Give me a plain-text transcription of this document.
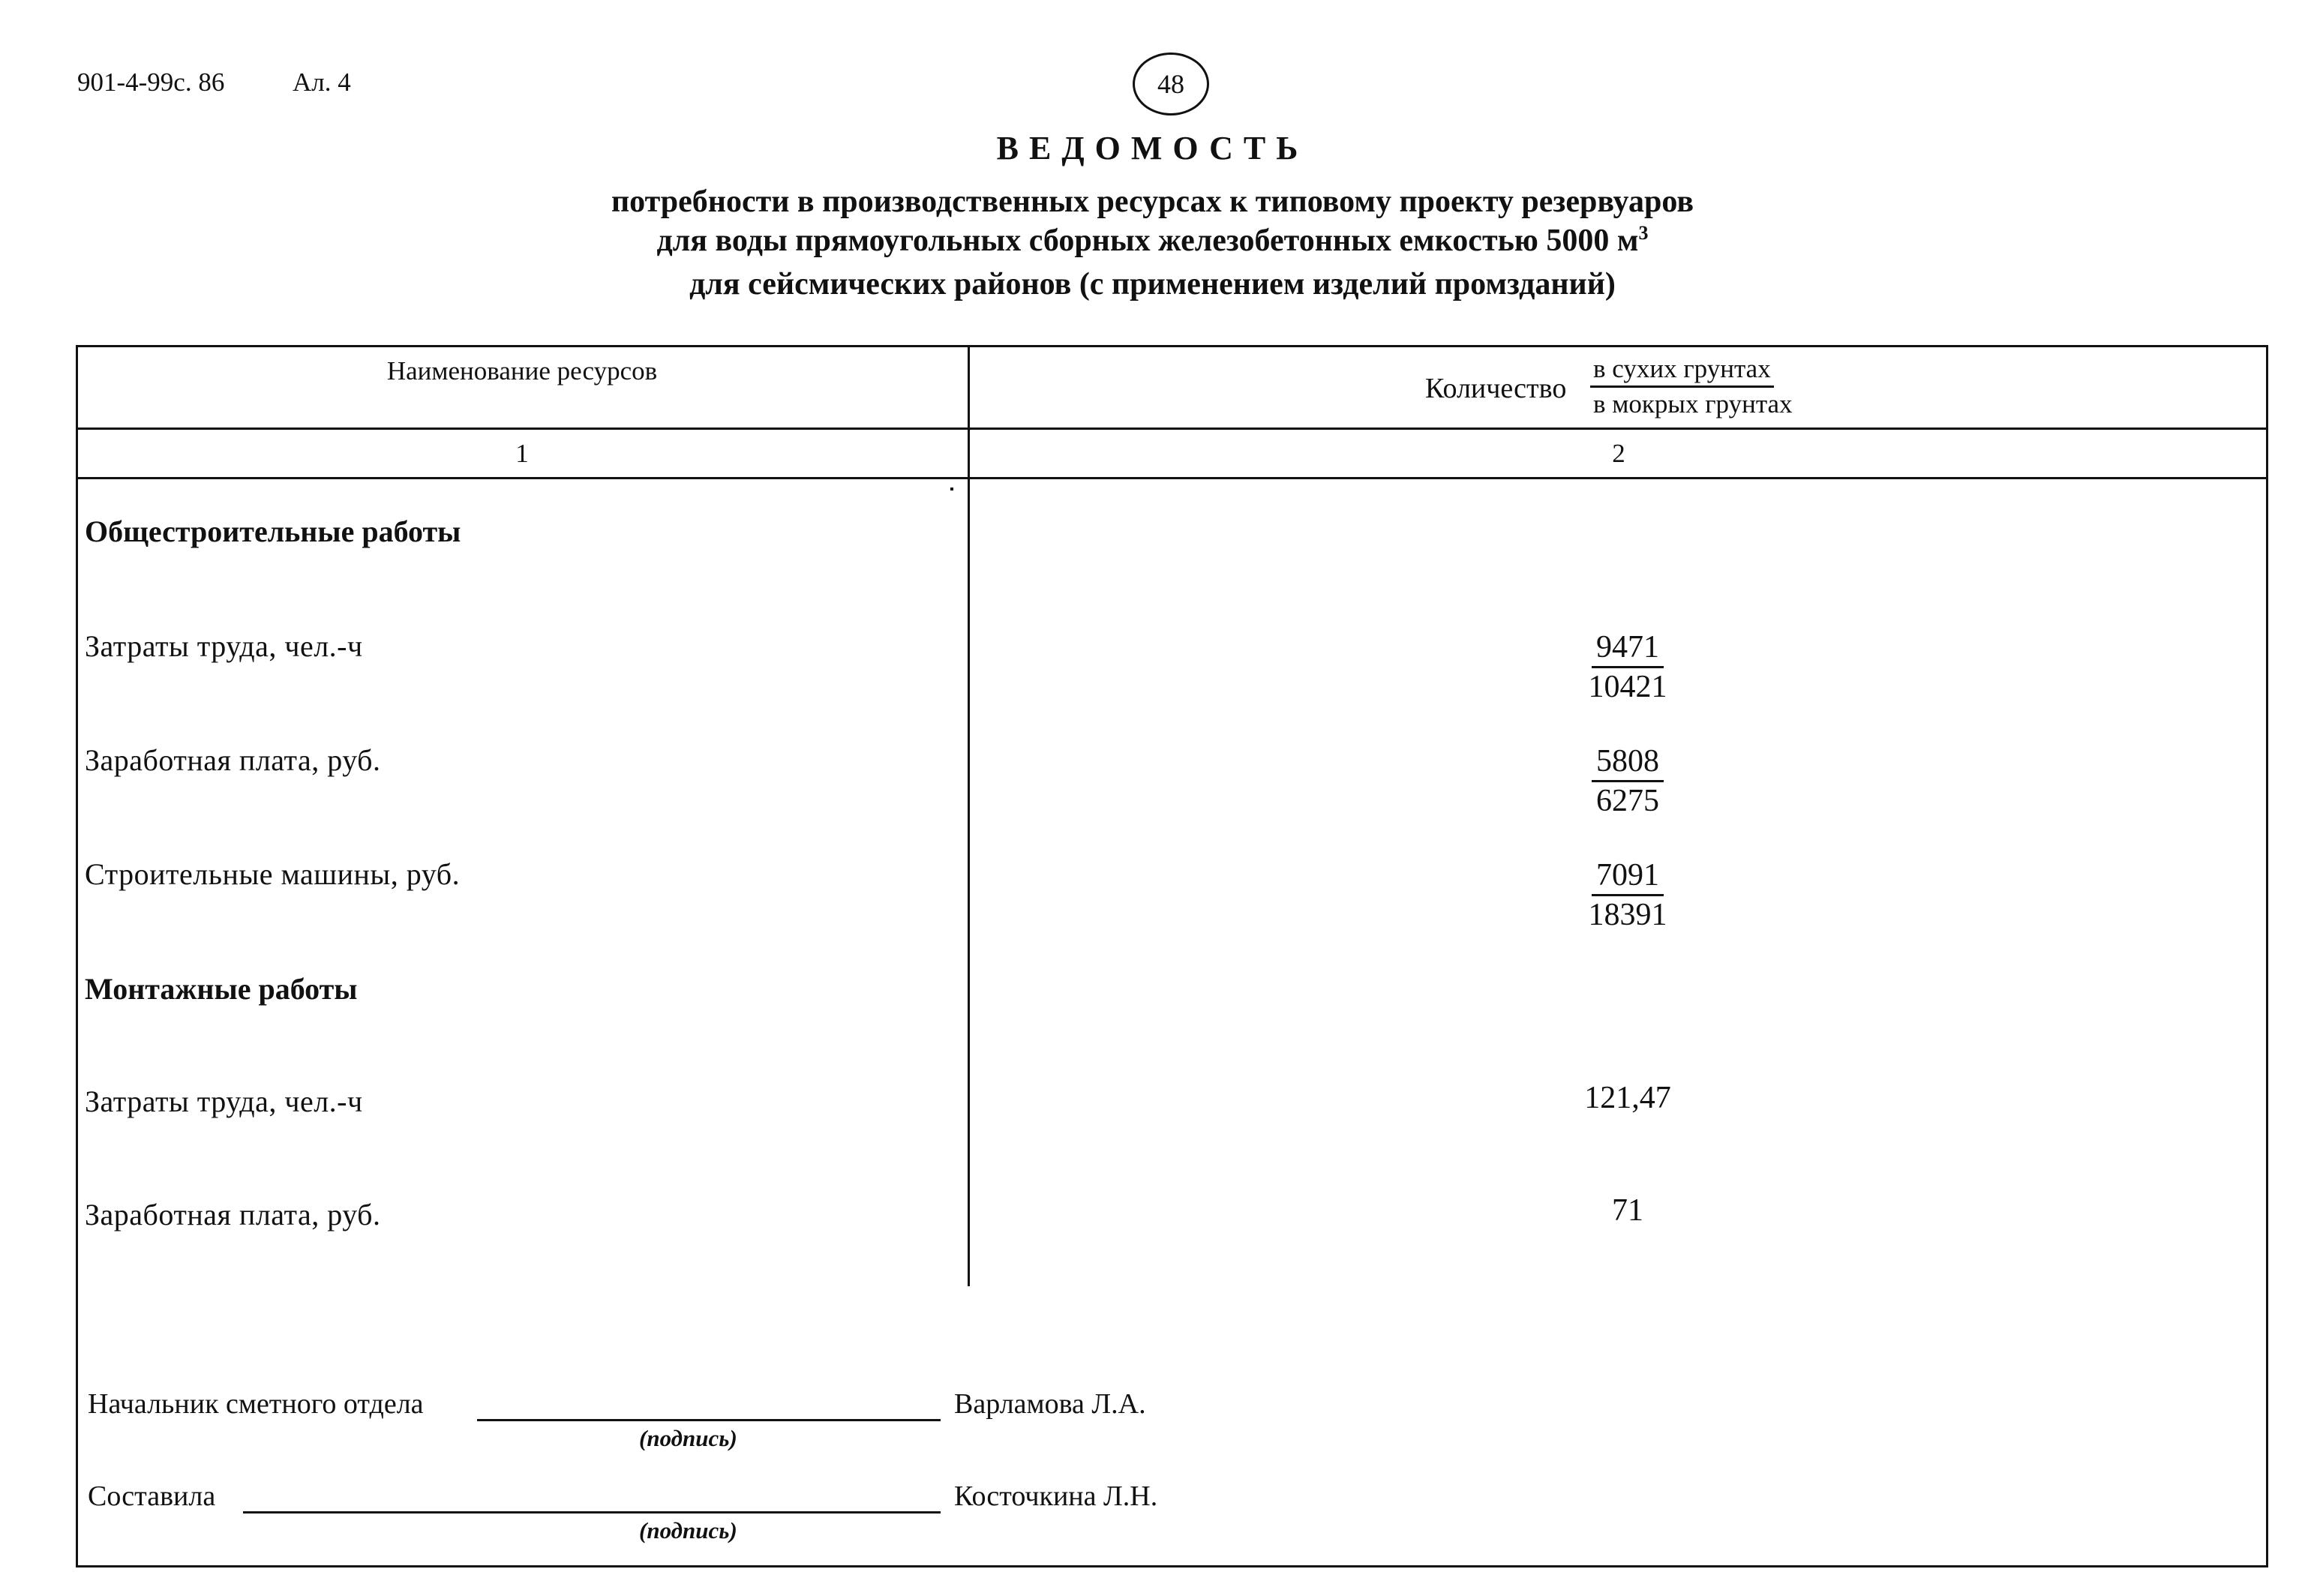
901-4-99с. 86	Ал. 4	48
ВЕДОМОСТЬ
потребности в производственных ресурсах к типовому проекту резервуаров
для воды прямоугольных сборных железобетонных емкостью 5000 $м^3$
для сейсмических районов (с применением изделий промзданий)
Наименование ресурсов
Количество
в сухих грунтах
в мокрых грунтах
1	2
Общестроительные работы
Затраты труда, чел.-ч	9471
10421
Заработная плата, руб.	5808
6275
Строительные машины, руб.	7091
18391
Монтажные работы
Затраты труда, чел.-ч	121,47
Заработная плата, руб.	71
Начальник сметного отдела
(подпись)
Варламова Л.А.
Составила
(подпись)
Косточкина Л.Н.
